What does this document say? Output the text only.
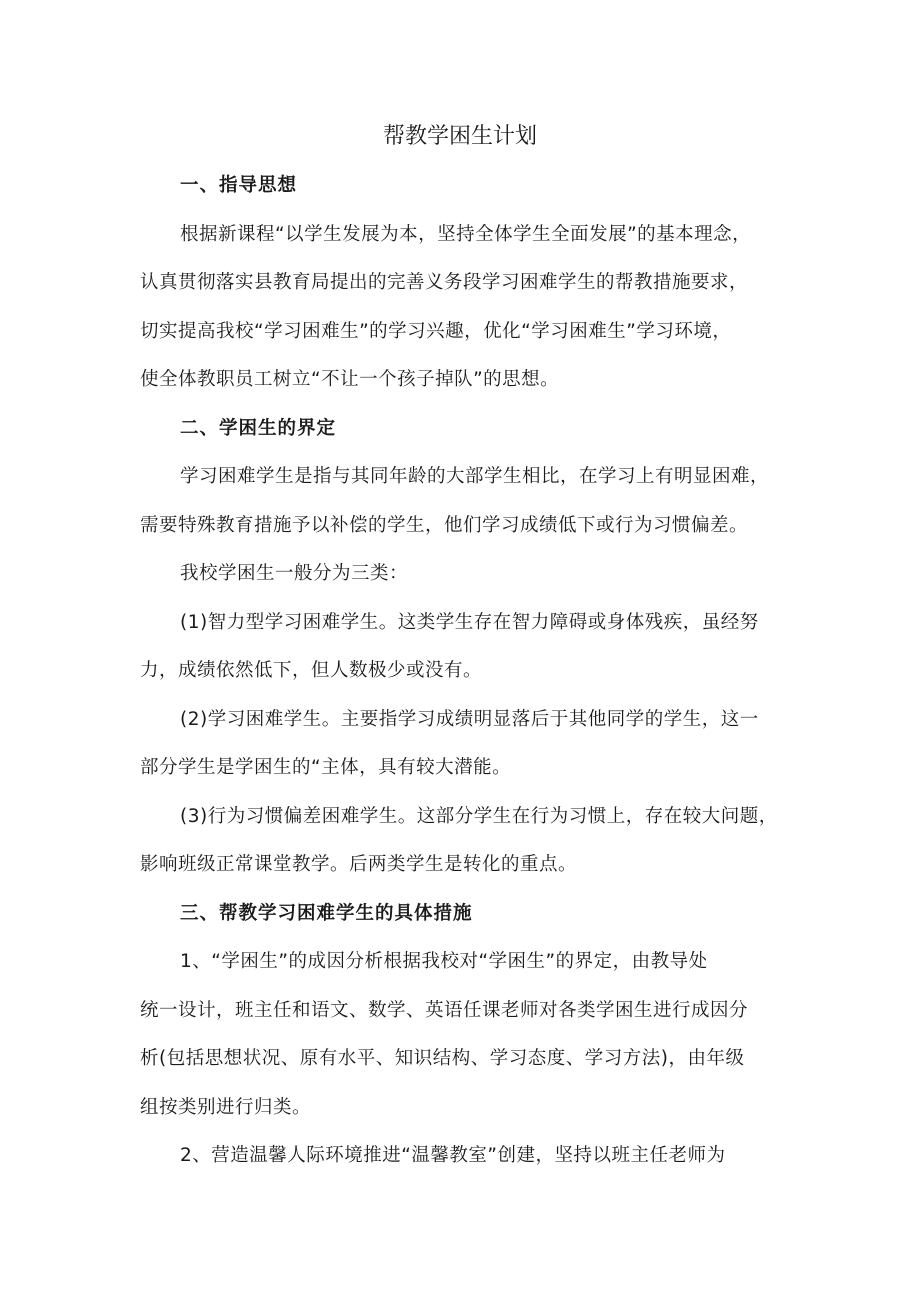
帮教学困生计划
一、指导思想

根据新课程“以学生发展为本，坚持全体学生全面发展”的基本理念，

认真贯彻落实县教育局提出的完善义务段学习困难学生的帮教措施要求，

切实提高我校“学习困难生”的学习兴趣，优化“学习困难生”学习环境，

使全体教职员工树立“不让一个孩子掉队”的思想。

二、学困生的界定

学习困难学生是指与其同年龄的大部学生相比，在学习上有明显困难，

需要特殊教育措施予以补偿的学生，他们学习成绩低下或行为习惯偏差。

我校学困生一般分为三类：

(1)智力型学习困难学生。这类学生存在智力障碍或身体残疾，虽经努

力，成绩依然低下，但人数极少或没有。

(2)学习困难学生。主要指学习成绩明显落后于其他同学的学生，这一

部分学生是学困生的“主体，具有较大潜能。

(3)行为习惯偏差困难学生。这部分学生在行为习惯上，存在较大问题，

影响班级正常课堂教学。后两类学生是转化的重点。

三、帮教学习困难学生的具体措施

1、“学困生”的成因分析根据我校对“学困生”的界定，由教导处

统一设计，班主任和语文、数学、英语任课老师对各类学困生进行成因分

析(包括思想状况、原有水平、知识结构、学习态度、学习方法)，由年级

组按类别进行归类。

2、营造温馨人际环境推进“温馨教室”创建，坚持以班主任老师为
